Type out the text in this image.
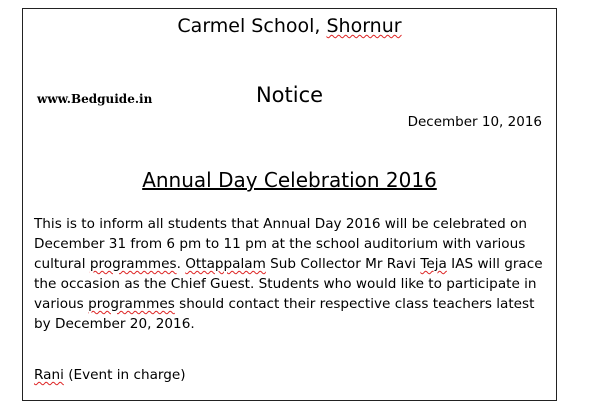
Carmel School, Shornur
www.Bedguide.in	Notice
December 10, 2016
Annual Day Celebration 2016

This is to inform all students that Annual Day 2016 will be celebrated on December 31 from 6 pm to 11 pm at the school auditorium with various cultural programmes. Ottappalam Sub Collector Mr Ravi Teja IAS will grace the occasion as the Chief Guest. Students who would like to participate in various programmes should contact their respective class teachers latest by December 20, 2016.

Rani (Event in charge)
